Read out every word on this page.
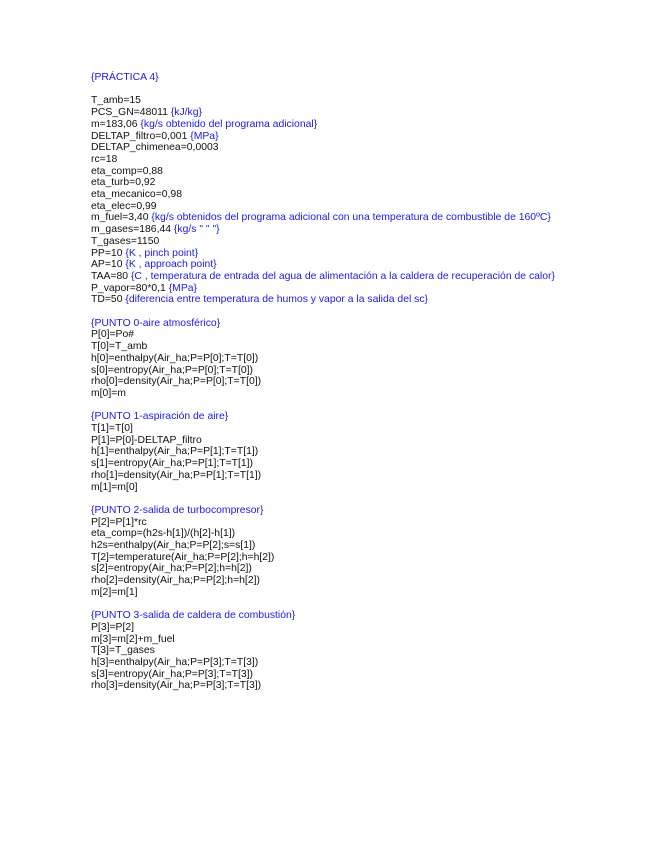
{PRÁCTICA 4}
T_amb=15
PCS_GN=48011 {kJ/kg}
m=183,06 {kg/s obtenido del programa adicional}
DELTAP_filtro=0,001 {MPa}
DELTAP_chimenea=0,0003
rc=18
eta_comp=0,88
eta_turb=0,92
eta_mecanico=0,98
eta_elec=0,99
m_fuel=3,40 {kg/s obtenidos del programa adicional con una temperatura de combustible de 160ºC}
m_gases=186,44 {kg/s " " "}
T_gases=1150
PP=10 {K , pinch point}
AP=10 {K , approach point}
TAA=80 {C , temperatura de entrada del agua de alimentación a la caldera de recuperación de calor}
P_vapor=80*0,1 {MPa}
TD=50 {diferencia entre temperatura de humos y vapor a la salida del sc}
{PUNTO 0-aire atmosférico}
P[0]=Po#
T[0]=T_amb
h[0]=enthalpy(Air_ha;P=P[0];T=T[0])
s[0]=entropy(Air_ha;P=P[0];T=T[0])
rho[0]=density(Air_ha;P=P[0];T=T[0])
m[0]=m
{PUNTO 1-aspiración de aire}
T[1]=T[0]
P[1]=P[0]-DELTAP_filtro
h[1]=enthalpy(Air_ha;P=P[1];T=T[1])
s[1]=entropy(Air_ha;P=P[1];T=T[1])
rho[1]=density(Air_ha;P=P[1];T=T[1])
m[1]=m[0]
{PUNTO 2-salida de turbocompresor}
P[2]=P[1]*rc
eta_comp=(h2s-h[1])/(h[2]-h[1])
h2s=enthalpy(Air_ha;P=P[2];s=s[1])
T[2]=temperature(Air_ha;P=P[2];h=h[2])
s[2]=entropy(Air_ha;P=P[2];h=h[2])
rho[2]=density(Air_ha;P=P[2];h=h[2])
m[2]=m[1]
{PUNTO 3-salida de caldera de combustión}
P[3]=P[2]
m[3]=m[2]+m_fuel
T[3]=T_gases
h[3]=enthalpy(Air_ha;P=P[3];T=T[3])
s[3]=entropy(Air_ha;P=P[3];T=T[3])
rho[3]=density(Air_ha;P=P[3];T=T[3])
